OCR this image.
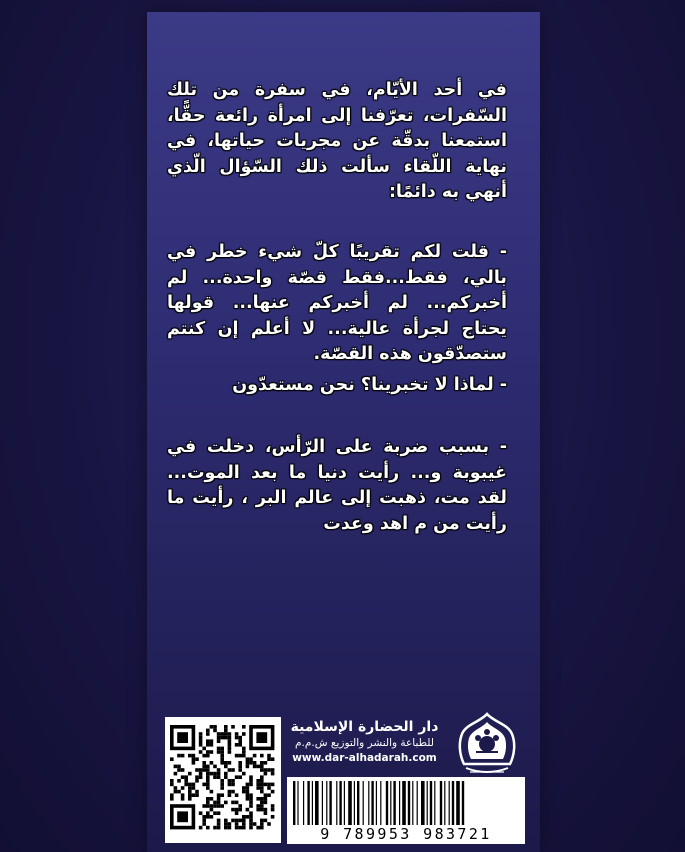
في أحد الأيّام، في سفرة من تلك السّفرات، تعرّفنا إلى امرأة رائعة حقًّا، استمعنا بدقّة عن مجريات حياتها، في نهاية اللّقاء سألت ذلك السّؤال الّذي أنهي به دائمًا:

- قلت لكم تقريبًا كلّ شيء خطر في بالي، فقط...فقط قصّة واحدة... لم أخبركم... لم أخبركم عنها... قولها يحتاج لجرأة عالية... لا أعلم إن كنتم ستصدّقون هذه القصّة.

- لماذا لا تخبرينا؟ نحن مستعدّون

- بسبب ضربة على الرّأس، دخلت في غيبوبة و... رأيت دنيا ما بعد الموت... لقد مت، ذهبت إلى عالم البر ، رأيت ما رأيت من م اهد وعدت

دار الحضارة الإسلامية
للطباعة والنشر والتوزيع ش.م.م
www.dar-alhadarah.com
9 789953 983721
